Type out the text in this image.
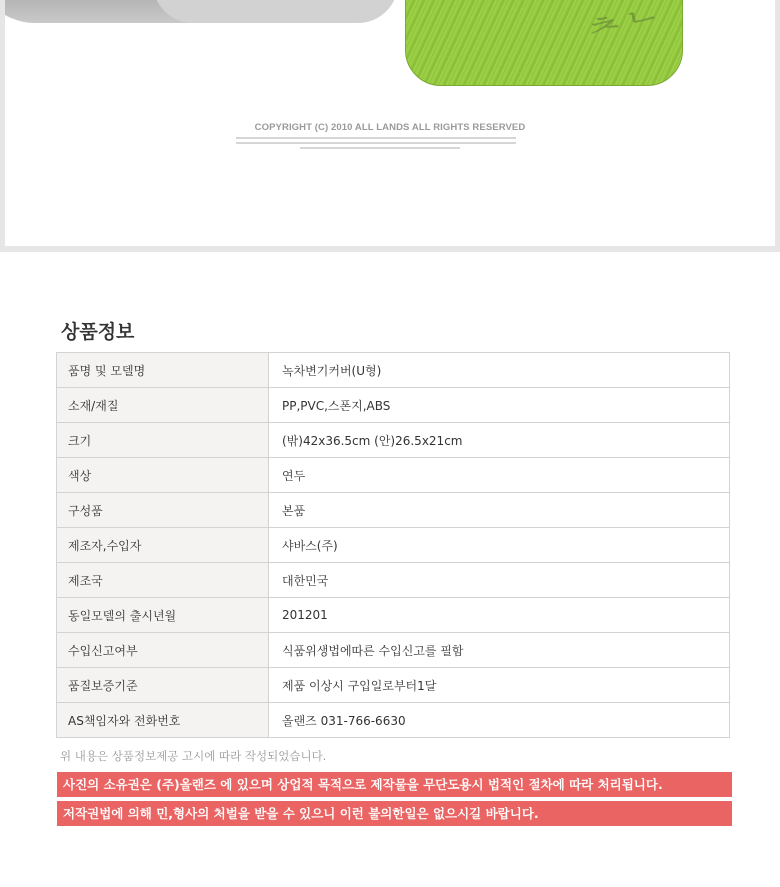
ᄎᄂ
COPYRIGHT (C) 2010 ALL LANDS ALL RIGHTS RESERVED
상품정보
품명 및 모델명	녹차변기커버(U형)
소재/재질	PP,PVC,스폰지,ABS
크기	(밖)42x36.5cm (안)26.5x21cm
색상	연두
구성품	본품
제조자,수입자	샤바스(주)
제조국	대한민국
동일모델의 출시년월	201201
수입신고여부	식품위생법에따른 수입신고를 필함
품질보증기준	제품 이상시 구입일로부터1달
AS책임자와 전화번호	올랜즈 031-766-6630
위 내용은 상품정보제공 고시에 따라 작성되었습니다.
사진의 소유권은 (주)올랜즈 에 있으며 상업적 목적으로 제작물을 무단도용시 법적인 절차에 따라 처리됩니다.
저작권법에 의해 민,형사의 처벌을 받을 수 있으니 이런 불의한일은 없으시길 바랍니다.
